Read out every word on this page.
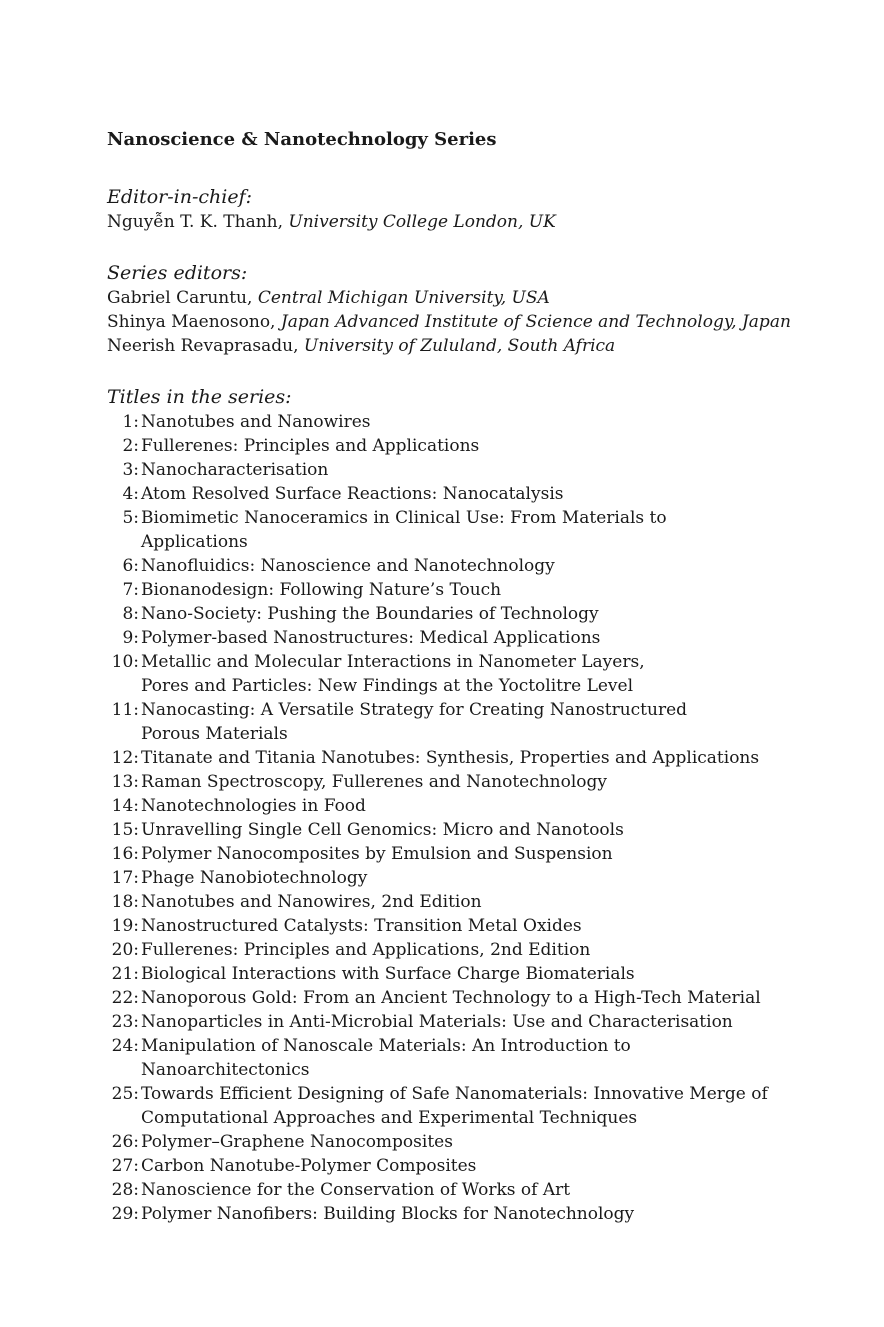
Nanoscience & Nanotechnology Series
Editor-in-chief:
Nguyễn T. K. Thanh, University College London, UK
Series editors:
Gabriel Caruntu, Central Michigan University, USA
Shinya Maenosono, Japan Advanced Institute of Science and Technology, Japan
Neerish Revaprasadu, University of Zululand, South Africa
Titles in the series:
1: Nanotubes and Nanowires
2: Fullerenes: Principles and Applications
3: Nanocharacterisation
4: Atom Resolved Surface Reactions: Nanocatalysis
5: Biomimetic Nanoceramics in Clinical Use: From Materials to
Applications
6: Nanofluidics: Nanoscience and Nanotechnology
7: Bionanodesign: Following Nature’s Touch
8: Nano-Society: Pushing the Boundaries of Technology
9: Polymer-based Nanostructures: Medical Applications
10: Metallic and Molecular Interactions in Nanometer Layers,
Pores and Particles: New Findings at the Yoctolitre Level
11: Nanocasting: A Versatile Strategy for Creating Nanostructured
Porous Materials
12: Titanate and Titania Nanotubes: Synthesis, Properties and Applications
13: Raman Spectroscopy, Fullerenes and Nanotechnology
14: Nanotechnologies in Food
15: Unravelling Single Cell Genomics: Micro and Nanotools
16: Polymer Nanocomposites by Emulsion and Suspension
17: Phage Nanobiotechnology
18: Nanotubes and Nanowires, 2nd Edition
19: Nanostructured Catalysts: Transition Metal Oxides
20: Fullerenes: Principles and Applications, 2nd Edition
21: Biological Interactions with Surface Charge Biomaterials
22: Nanoporous Gold: From an Ancient Technology to a High-Tech Material
23: Nanoparticles in Anti-Microbial Materials: Use and Characterisation
24: Manipulation of Nanoscale Materials: An Introduction to
Nanoarchitectonics
25: Towards Efficient Designing of Safe Nanomaterials: Innovative Merge of
Computational Approaches and Experimental Techniques
26: Polymer–Graphene Nanocomposites
27: Carbon Nanotube-Polymer Composites
28: Nanoscience for the Conservation of Works of Art
29: Polymer Nanofibers: Building Blocks for Nanotechnology
